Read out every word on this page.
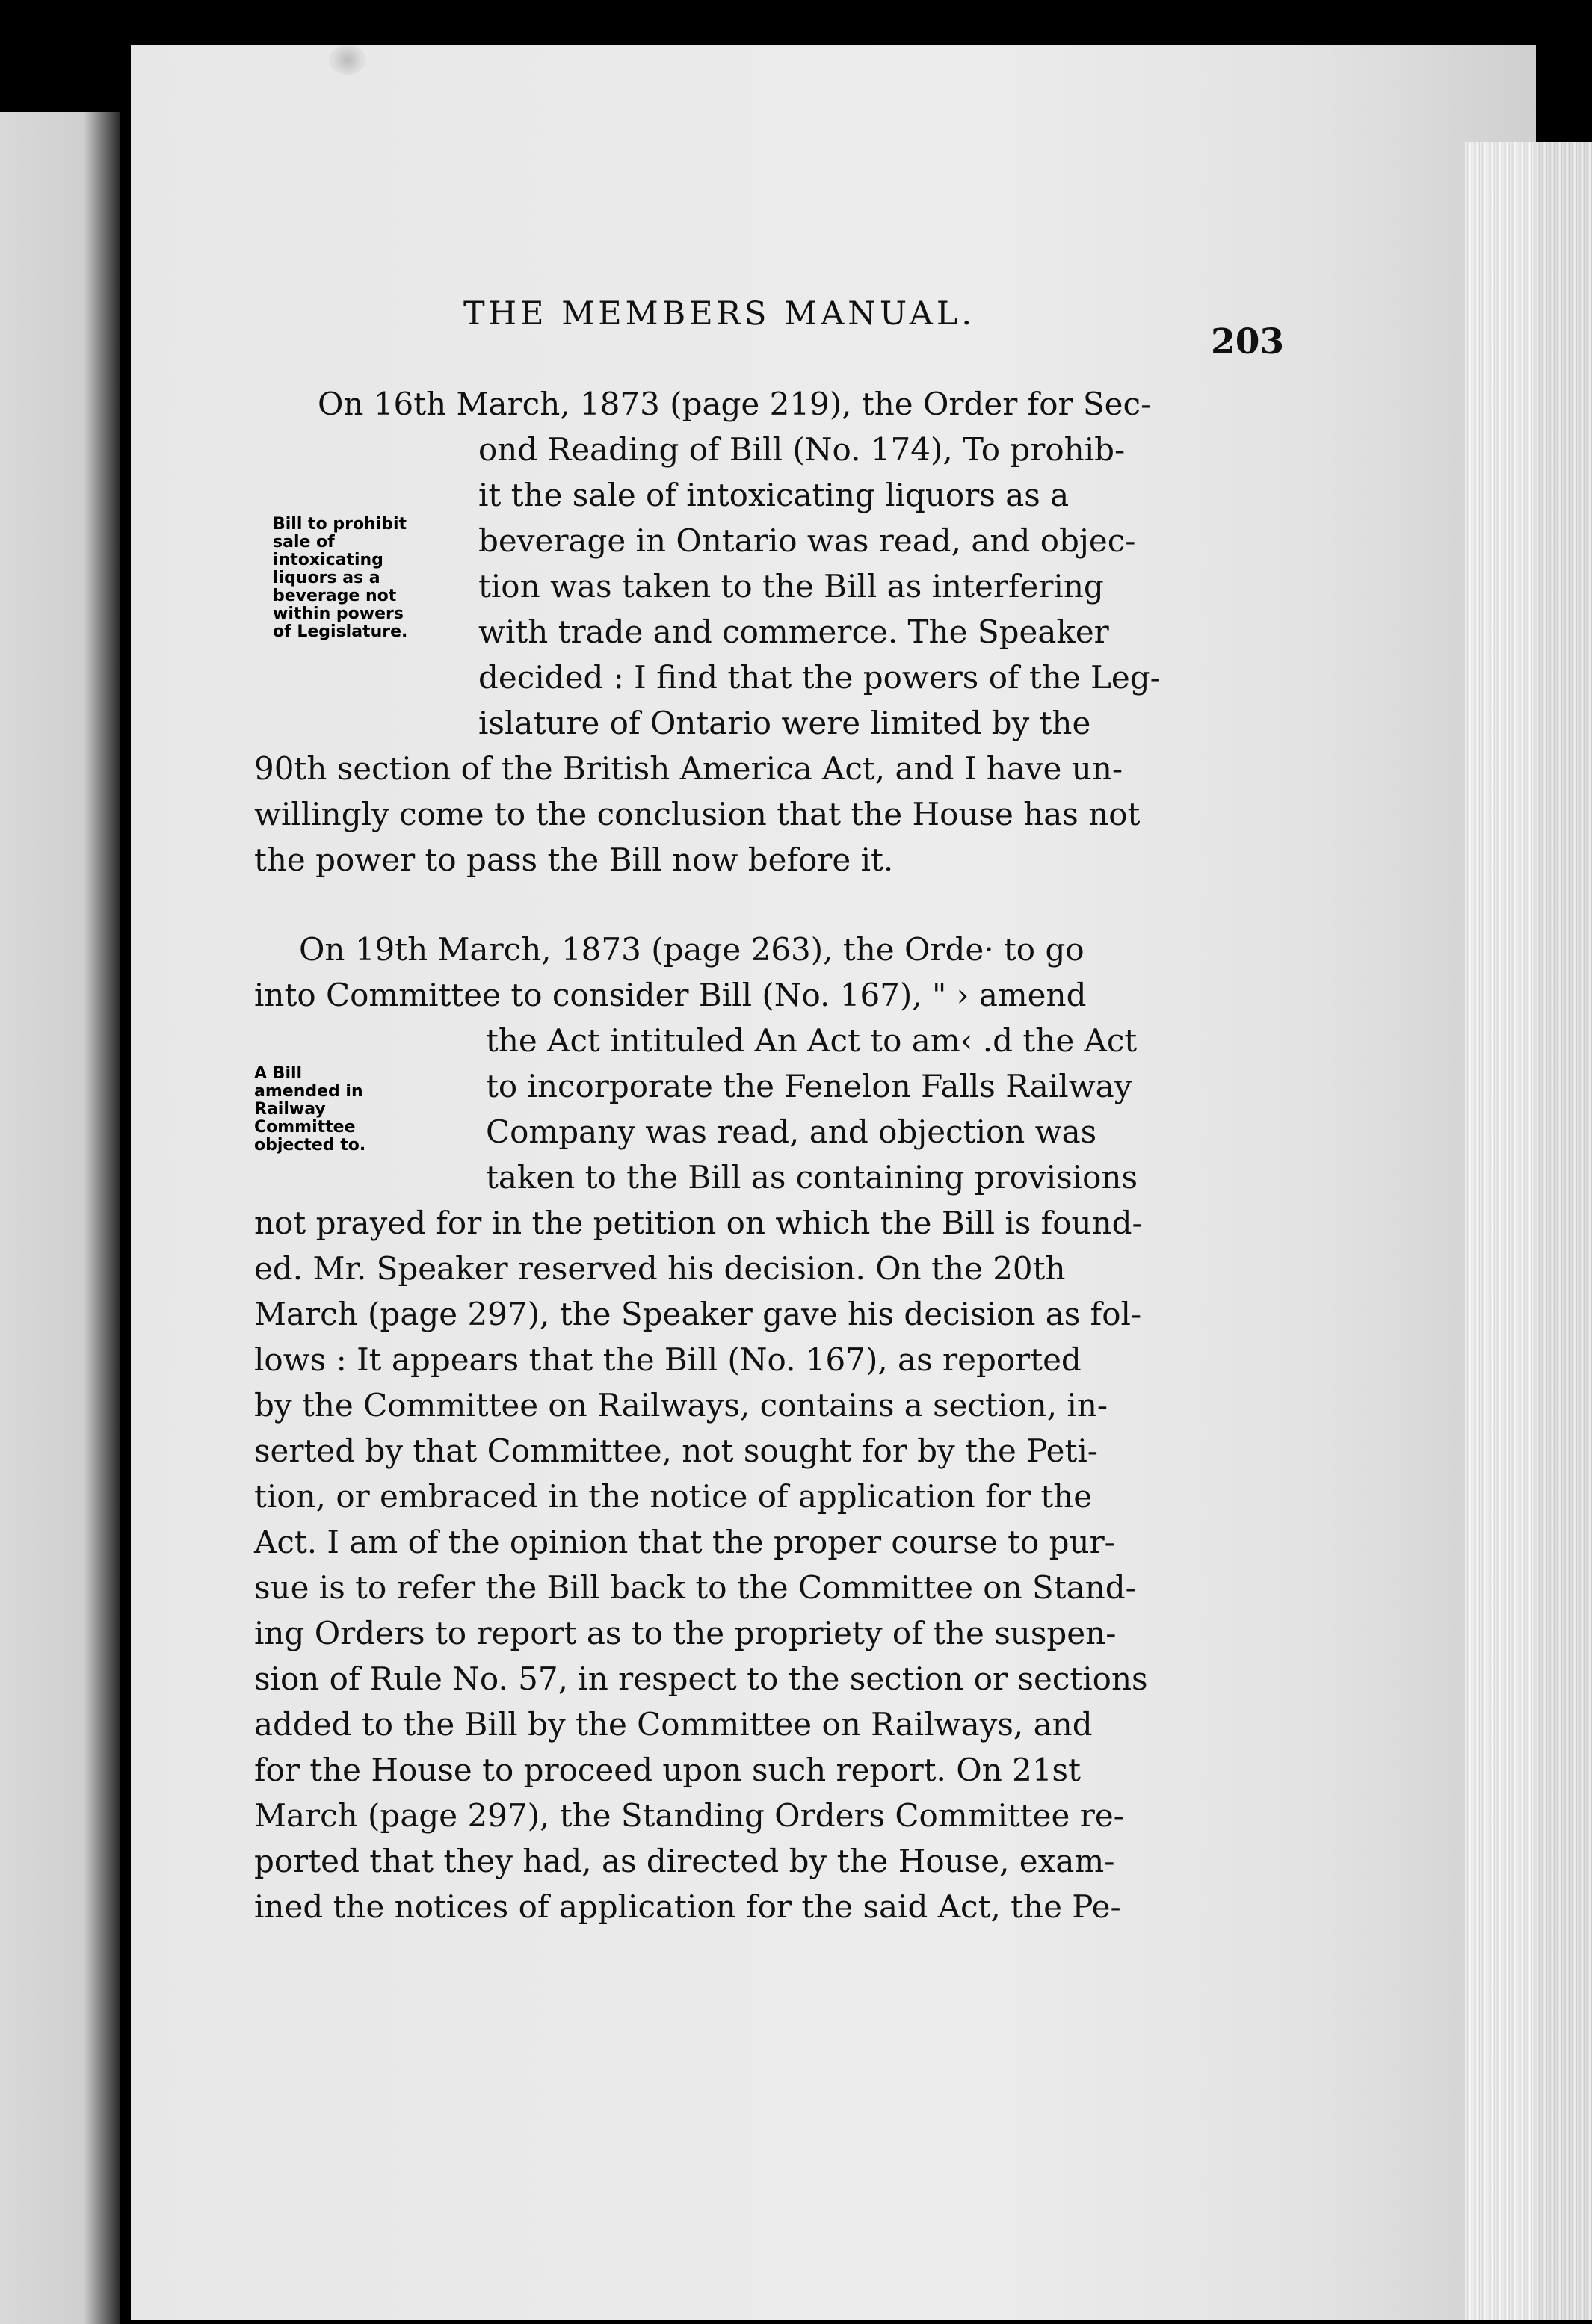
THE MEMBERS MANUAL.
203
Bill to prohibit
sale of
intoxicating
liquors as a
beverage not
within powers
of Legislature.
A Bill
amended in
Railway
Committee
objected to.
On 16th March, 1873 (page 219), the Order for Sec-
ond Reading of Bill (No. 174), To prohib-
it the sale of intoxicating liquors as a
beverage in Ontario was read, and objec-
tion was taken to the Bill as interfering
with trade and commerce. The Speaker
decided : I find that the powers of the Leg-
islature of Ontario were limited by the
90th section of the British America Act, and I have un-
willingly come to the conclusion that the House has not
the power to pass the Bill now before it.
On 19th March, 1873 (page 263), the Orde· to go
into Committee to consider Bill (No. 167), " › amend
the Act intituled An Act to am‹ .d the Act
to incorporate the Fenelon Falls Railway
Company was read, and objection was
taken to the Bill as containing provisions
not prayed for in the petition on which the Bill is found-
ed. Mr. Speaker reserved his decision. On the 20th
March (page 297), the Speaker gave his decision as fol-
lows : It appears that the Bill (No. 167), as reported
by the Committee on Railways, contains a section, in-
serted by that Committee, not sought for by the Peti-
tion, or embraced in the notice of application for the
Act. I am of the opinion that the proper course to pur-
sue is to refer the Bill back to the Committee on Stand-
ing Orders to report as to the propriety of the suspen-
sion of Rule No. 57, in respect to the section or sections
added to the Bill by the Committee on Railways, and
for the House to proceed upon such report. On 21st
March (page 297), the Standing Orders Committee re-
ported that they had, as directed by the House, exam-
ined the notices of application for the said Act, the Pe-
